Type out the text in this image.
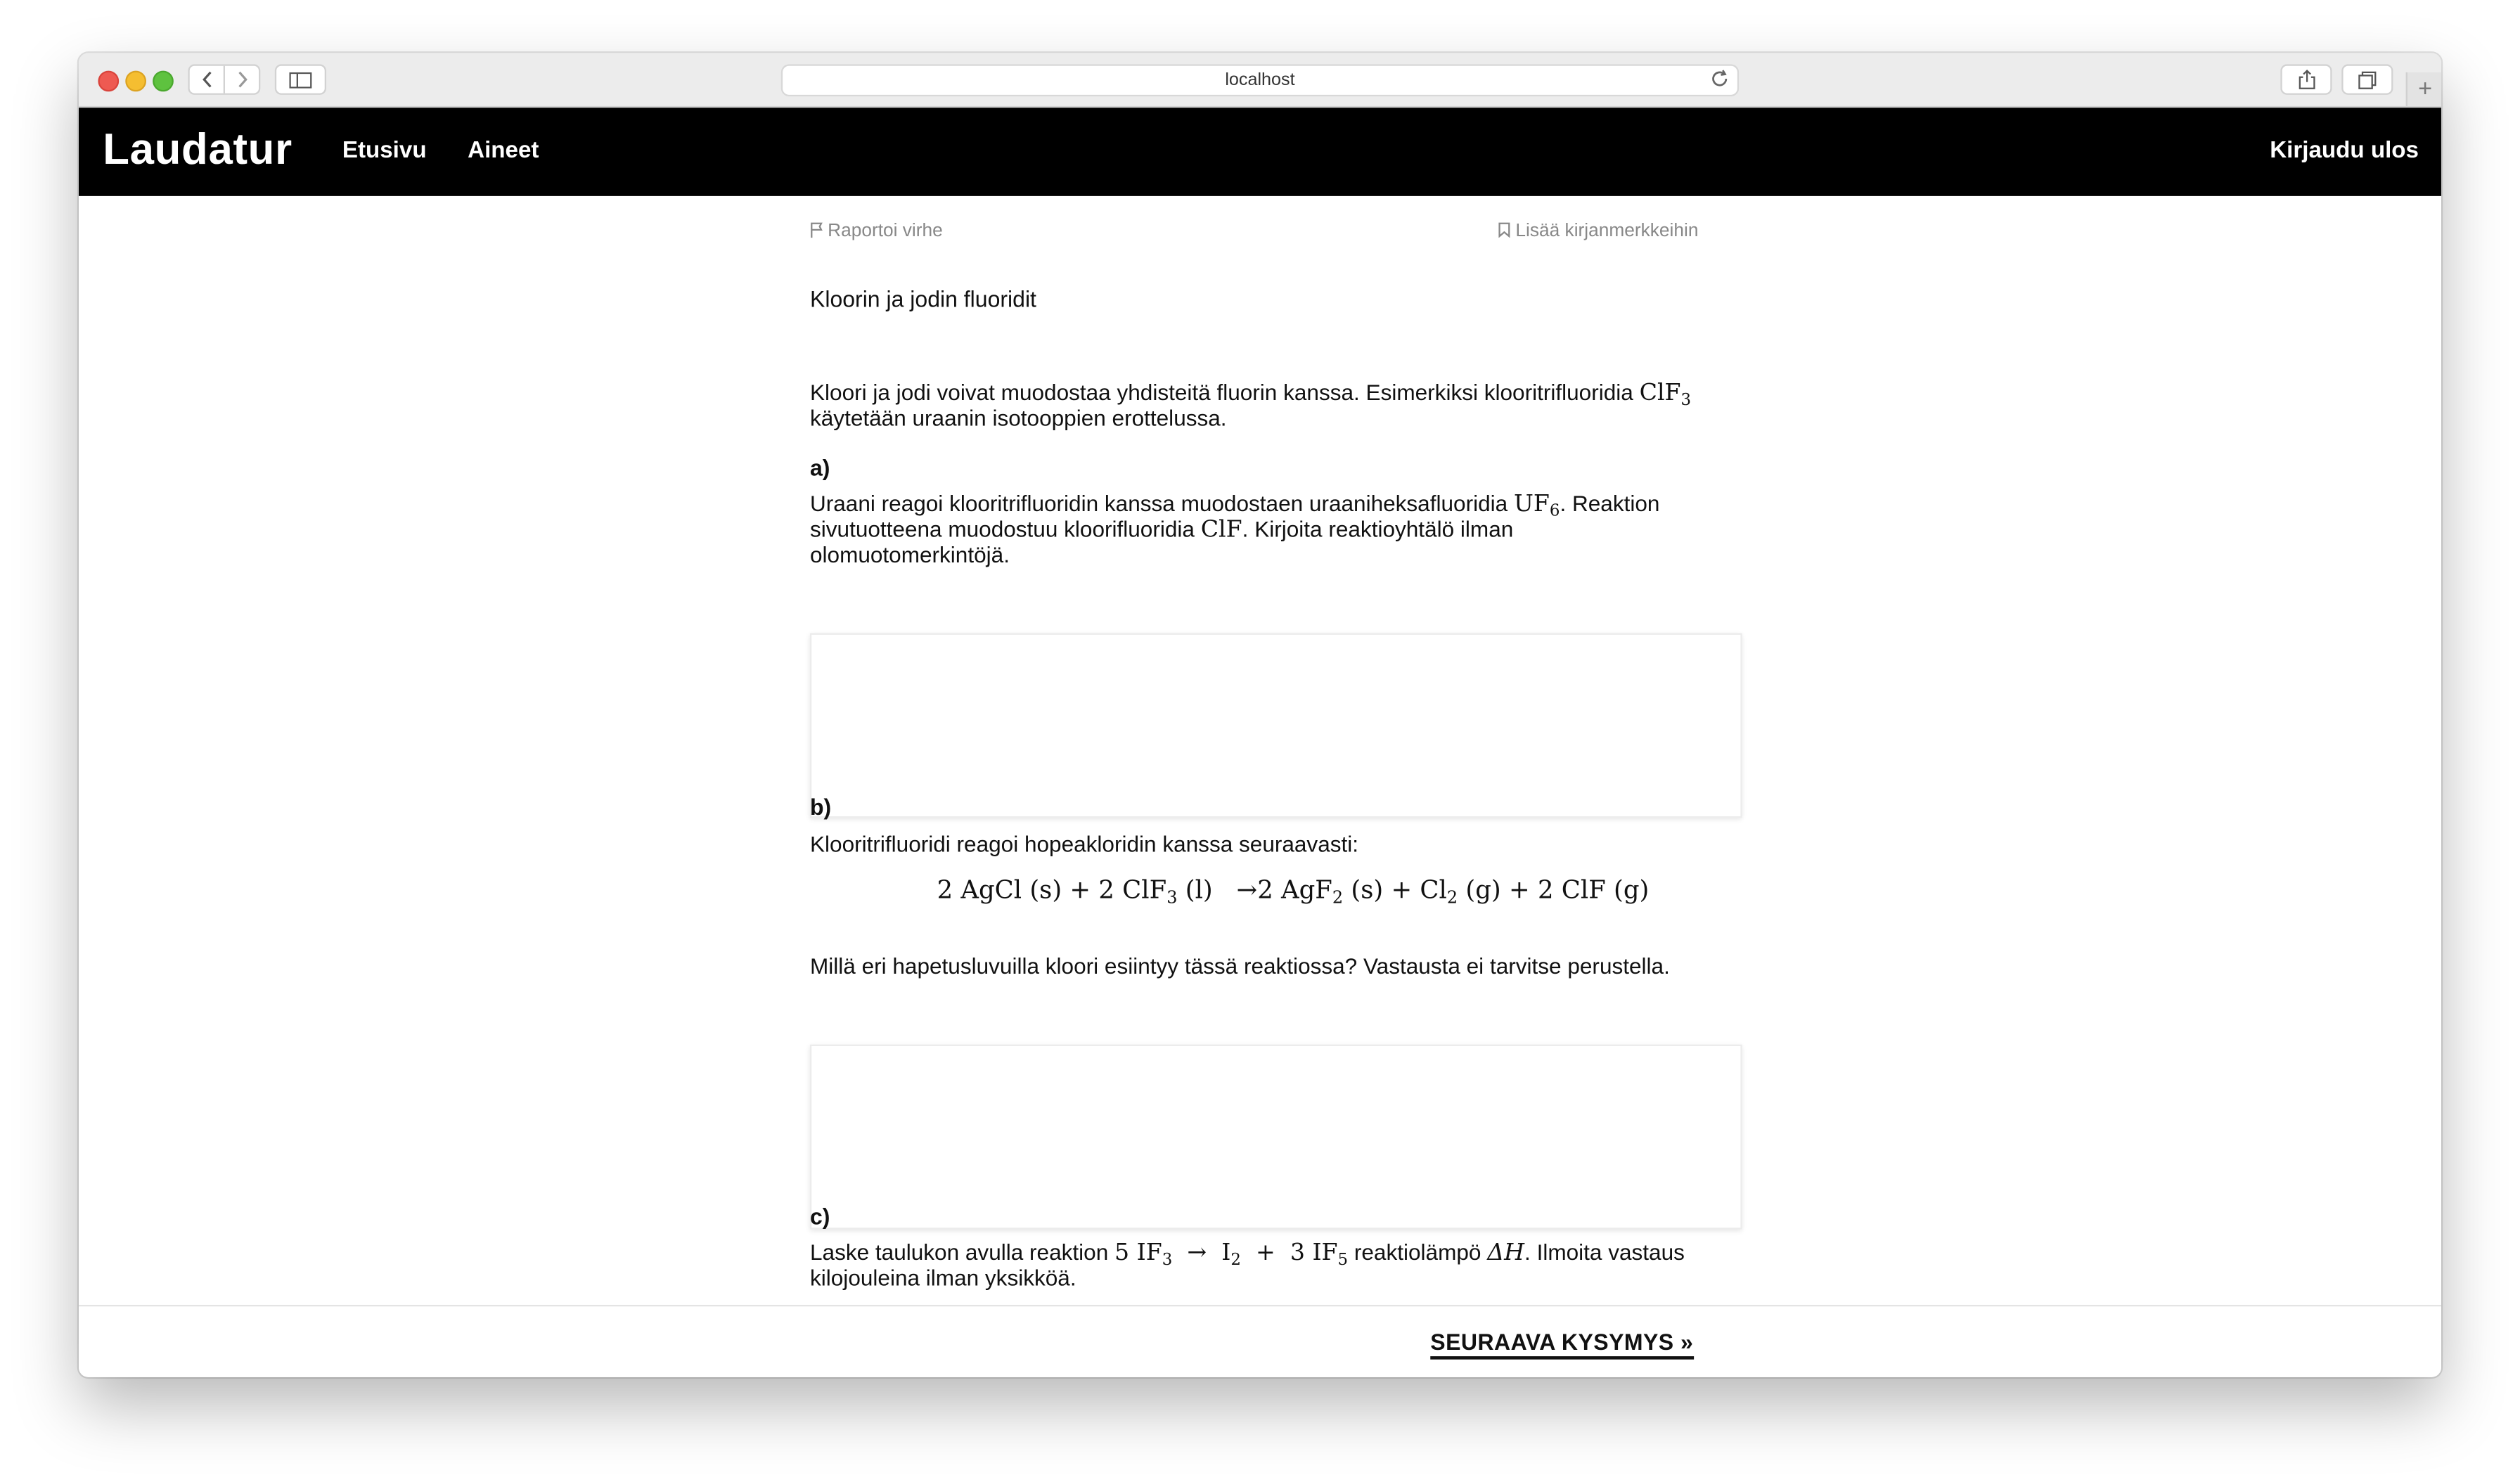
localhost	+
Laudatur	Etusivu	Aineet	Kirjaudu ulos
Raportoi virhe	Lisää kirjanmerkkeihin
Kloorin ja jodin fluoridit
Kloori ja jodi voivat muodostaa yhdisteitä fluorin kanssa. Esimerkiksi klooritrifluoridia ClF$_3$ käytetään uraanin isotooppien erottelussa.
a)
Uraani reagoi klooritrifluoridin kanssa muodostaen uraaniheksafluoridia $UF_6$. Reaktion sivutuotteena muodostuu kloorifluoridia ClF. Kirjoita reaktioyhtälö ilman olomuotomerkintöjä.
b)
Klooritrifluoridi reagoi hopeakloridin kanssa seuraavasti:
2 AgCl (s) + 2 ClF$_3$ (l)   →2 AgF$_2$ $(s) + Cl_2$ (g) + 2 ClF (g)
Millä eri hapetusluvuilla kloori esiintyy tässä reaktiossa? Vastausta ei tarvitse perustella.
c)
Laske taulukon avulla reaktion 5 $IF_3 \to I_2 + 3$ $IF_5$ reaktiolämpö ΔH. Ilmoita vastaus kilojouleina ilman yksikköä.
SEURAAVA KYSYMYS »
